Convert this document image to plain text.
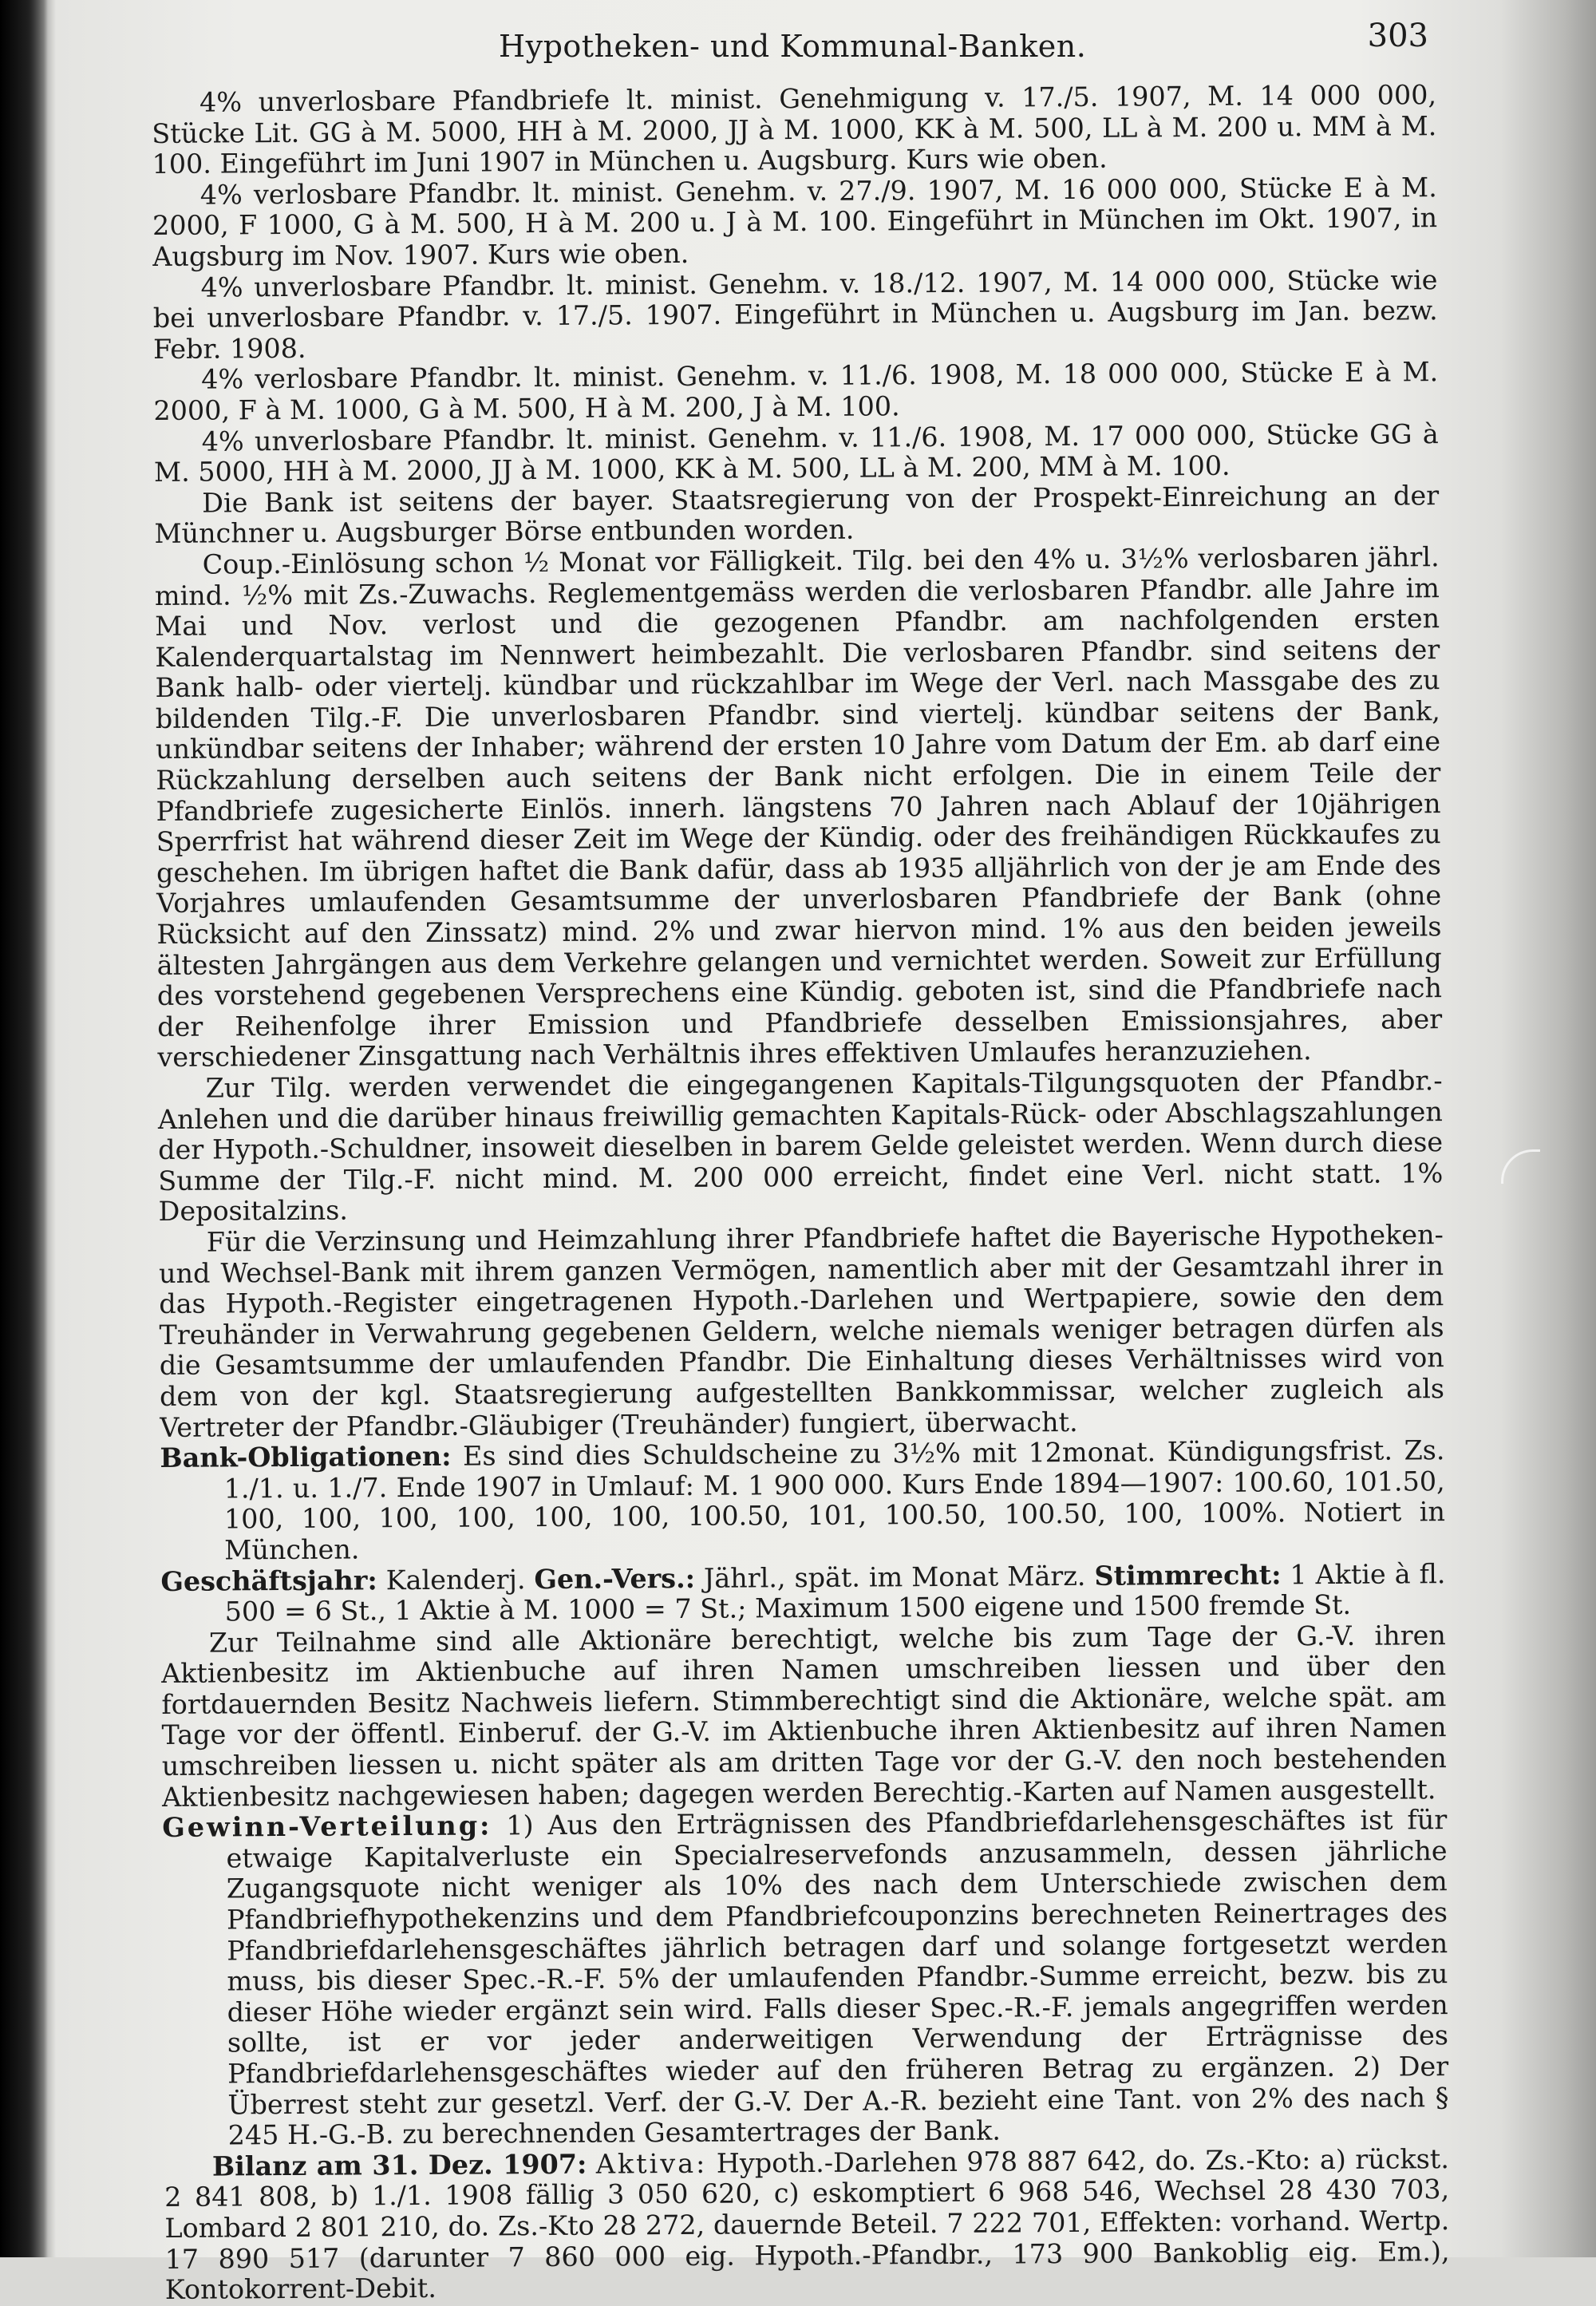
Hypotheken- und Kommunal-Banken.	303

4% unverlosbare Pfandbriefe lt. minist. Genehmigung v. 17./5. 1907, M. 14 000 000, Stücke Lit. GG à M. 5000, HH à M. 2000, JJ à M. 1000, KK à M. 500, LL à M. 200 u. MM à M. 100. Eingeführt im Juni 1907 in München u. Augsburg. Kurs wie oben.

4% verlosbare Pfandbr. lt. minist. Genehm. v. 27./9. 1907, M. 16 000 000, Stücke E à M. 2000, F 1000, G à M. 500, H à M. 200 u. J à M. 100. Eingeführt in München im Okt. 1907, in Augsburg im Nov. 1907. Kurs wie oben.

4% unverlosbare Pfandbr. lt. minist. Genehm. v. 18./12. 1907, M. 14 000 000, Stücke wie bei unverlosbare Pfandbr. v. 17./5. 1907. Eingeführt in München u. Augsburg im Jan. bezw. Febr. 1908.

4% verlosbare Pfandbr. lt. minist. Genehm. v. 11./6. 1908, M. 18 000 000, Stücke E à M. 2000, F à M. 1000, G à M. 500, H à M. 200, J à M. 100.

4% unverlosbare Pfandbr. lt. minist. Genehm. v. 11./6. 1908, M. 17 000 000, Stücke GG à M. 5000, HH à M. 2000, JJ à M. 1000, KK à M. 500, LL à M. 200, MM à M. 100.

Die Bank ist seitens der bayer. Staatsregierung von der Prospekt-Einreichung an der Münchner u. Augsburger Börse entbunden worden.

Coup.-Einlösung schon ½ Monat vor Fälligkeit. Tilg. bei den 4% u. 3½% verlosbaren jährl. mind. ½% mit Zs.-Zuwachs. Reglementgemäss werden die verlosbaren Pfandbr. alle Jahre im Mai und Nov. verlost und die gezogenen Pfandbr. am nachfolgenden ersten Kalenderquartalstag im Nennwert heimbezahlt. Die verlosbaren Pfandbr. sind seitens der Bank halb- oder viertelj. kündbar und rückzahlbar im Wege der Verl. nach Massgabe des zu bildenden Tilg.-F. Die unverlosbaren Pfandbr. sind viertelj. kündbar seitens der Bank, unkündbar seitens der Inhaber; während der ersten 10 Jahre vom Datum der Em. ab darf eine Rückzahlung derselben auch seitens der Bank nicht erfolgen. Die in einem Teile der Pfandbriefe zugesicherte Einlös. innerh. längstens 70 Jahren nach Ablauf der 10jährigen Sperrfrist hat während dieser Zeit im Wege der Kündig. oder des freihändigen Rückkaufes zu geschehen. Im übrigen haftet die Bank dafür, dass ab 1935 alljährlich von der je am Ende des Vorjahres umlaufenden Gesamtsumme der unverlosbaren Pfandbriefe der Bank (ohne Rücksicht auf den Zinssatz) mind. 2% und zwar hiervon mind. 1% aus den beiden jeweils ältesten Jahrgängen aus dem Verkehre gelangen und vernichtet werden. Soweit zur Erfüllung des vorstehend gegebenen Versprechens eine Kündig. geboten ist, sind die Pfandbriefe nach der Reihenfolge ihrer Emission und Pfandbriefe desselben Emissionsjahres, aber verschiedener Zinsgattung nach Verhältnis ihres effektiven Umlaufes heranzuziehen.

Zur Tilg. werden verwendet die eingegangenen Kapitals-Tilgungsquoten der Pfandbr.-Anlehen und die darüber hinaus freiwillig gemachten Kapitals-Rück- oder Abschlagszahlungen der Hypoth.-Schuldner, insoweit dieselben in barem Gelde geleistet werden. Wenn durch diese Summe der Tilg.-F. nicht mind. M. 200 000 erreicht, findet eine Verl. nicht statt. 1% Depositalzins.

Für die Verzinsung und Heimzahlung ihrer Pfandbriefe haftet die Bayerische Hypotheken- und Wechsel-Bank mit ihrem ganzen Vermögen, namentlich aber mit der Gesamtzahl ihrer in das Hypoth.-Register eingetragenen Hypoth.-Darlehen und Wertpapiere, sowie den dem Treuhänder in Verwahrung gegebenen Geldern, welche niemals weniger betragen dürfen als die Gesamtsumme der umlaufenden Pfandbr. Die Einhaltung dieses Verhältnisses wird von dem von der kgl. Staatsregierung aufgestellten Bankkommissar, welcher zugleich als Vertreter der Pfandbr.-Gläubiger (Treuhänder) fungiert, überwacht.

Bank-Obligationen: Es sind dies Schuldscheine zu 3½% mit 12monat. Kündigungsfrist. Zs. 1./1. u. 1./7. Ende 1907 in Umlauf: M. 1 900 000. Kurs Ende 1894—1907: 100.60, 101.50, 100, 100, 100, 100, 100, 100, 100.50, 101, 100.50, 100.50, 100, 100%. Notiert in München.

Geschäftsjahr: Kalenderj. Gen.-Vers.: Jährl., spät. im Monat März. Stimmrecht: 1 Aktie à fl. 500 = 6 St., 1 Aktie à M. 1000 = 7 St.; Maximum 1500 eigene und 1500 fremde St.

Zur Teilnahme sind alle Aktionäre berechtigt, welche bis zum Tage der G.-V. ihren Aktienbesitz im Aktienbuche auf ihren Namen umschreiben liessen und über den fortdauernden Besitz Nachweis liefern. Stimmberechtigt sind die Aktionäre, welche spät. am Tage vor der öffentl. Einberuf. der G.-V. im Aktienbuche ihren Aktienbesitz auf ihren Namen umschreiben liessen u. nicht später als am dritten Tage vor der G.-V. den noch bestehenden Aktienbesitz nachgewiesen haben; dagegen werden Berechtig.-Karten auf Namen ausgestellt.

Gewinn-Verteilung: 1) Aus den Erträgnissen des Pfandbriefdarlehensgeschäftes ist für etwaige Kapitalverluste ein Specialreservefonds anzusammeln, dessen jährliche Zugangsquote nicht weniger als 10% des nach dem Unterschiede zwischen dem Pfandbriefhypothekenzins und dem Pfandbriefcouponzins berechneten Reinertrages des Pfandbriefdarlehensgeschäftes jährlich betragen darf und solange fortgesetzt werden muss, bis dieser Spec.-R.-F. 5% der umlaufenden Pfandbr.-Summe erreicht, bezw. bis zu dieser Höhe wieder ergänzt sein wird. Falls dieser Spec.-R.-F. jemals angegriffen werden sollte, ist er vor jeder anderweitigen Verwendung der Erträgnisse des Pfandbriefdarlehensgeschäftes wieder auf den früheren Betrag zu ergänzen. 2) Der Überrest steht zur gesetzl. Verf. der G.-V. Der A.-R. bezieht eine Tant. von 2% des nach § 245 H.-G.-B. zu berechnenden Gesamtertrages der Bank.

Bilanz am 31. Dez. 1907: Aktiva: Hypoth.-Darlehen 978 887 642, do. Zs.-Kto: a) rückst. 2 841 808, b) 1./1. 1908 fällig 3 050 620, c) eskomptiert 6 968 546, Wechsel 28 430 703, Lombard 2 801 210, do. Zs.-Kto 28 272, dauernde Beteil. 7 222 701, Effekten: vorhand. Wertp. 17 890 517 (darunter 7 860 000 eig. Hypoth.-Pfandbr., 173 900 Bankoblig eig. Em.), Kontokorrent-Debit.
